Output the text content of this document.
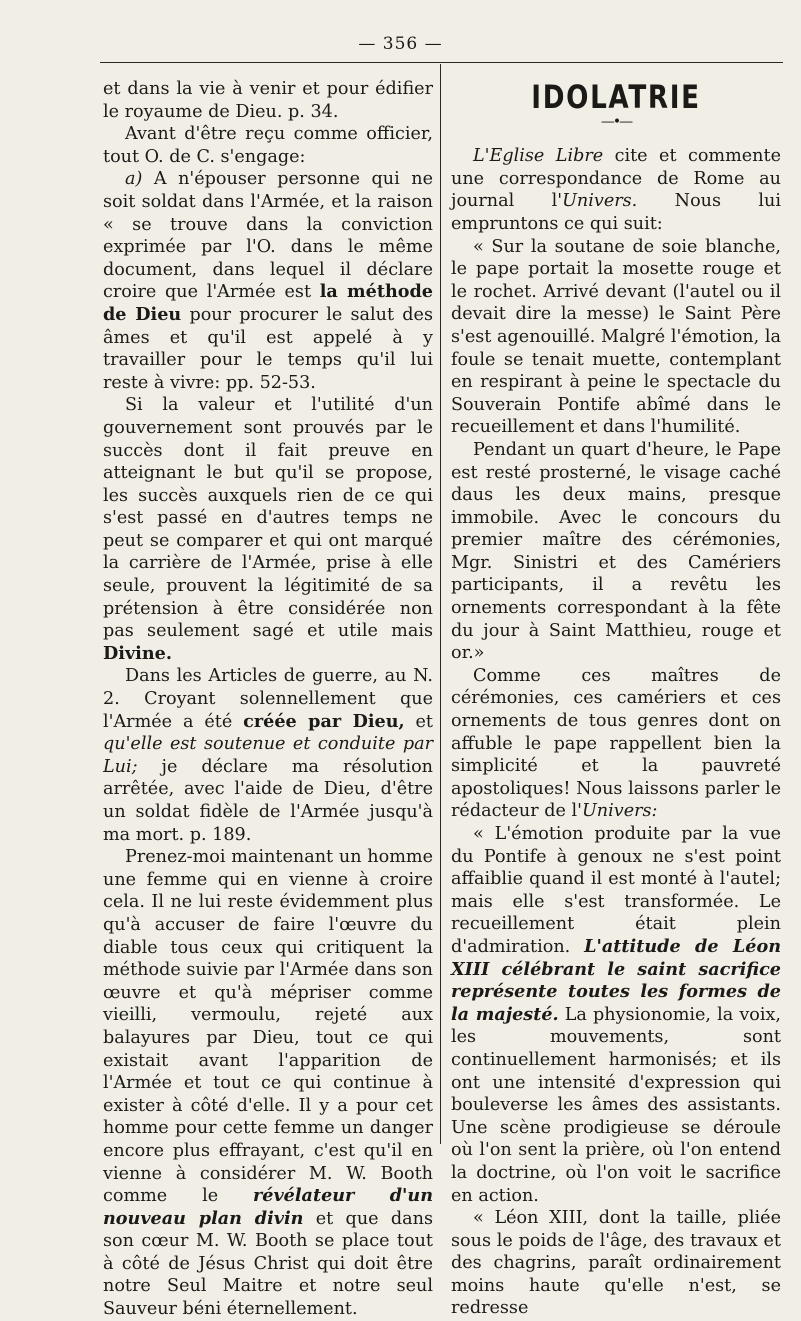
— 356 —

et dans la vie à venir et pour édifier le royaume de Dieu. p. 34.

Avant d'être reçu comme officier, tout O. de C. s'engage:

a) A n'épouser personne qui ne soit soldat dans l'Armée, et la raison « se trouve dans la conviction exprimée par l'O. dans le même document, dans lequel il déclare croire que l'Armée est la méthode de Dieu pour procurer le salut des âmes et qu'il est appelé à y travailler pour le temps qu'il lui reste à vivre: pp. 52-53.

Si la valeur et l'utilité d'un gouvernement sont prouvés par le succès dont il fait preuve en atteignant le but qu'il se propose, les succès auxquels rien de ce qui s'est passé en d'autres temps ne peut se comparer et qui ont marqué la carrière de l'Armée, prise à elle seule, prouvent la légitimité de sa prétension à être considérée non pas seulement sagé et utile mais Divine.

Dans les Articles de guerre, au N. 2. Croyant solennellement que l'Armée a été créée par Dieu, et qu'elle est soutenue et conduite par Lui; je déclare ma résolution arrêtée, avec l'aide de Dieu, d'être un soldat fidèle de l'Armée jusqu'à ma mort. p. 189.

Prenez-moi maintenant un homme une femme qui en vienne à croire cela. Il ne lui reste évidemment plus qu'à accuser de faire l'œuvre du diable tous ceux qui critiquent la méthode suivie par l'Armée dans son œuvre et qu'à mépriser comme vieilli, vermoulu, rejeté aux balayures par Dieu, tout ce qui existait avant l'apparition de l'Armée et tout ce qui continue à exister à côté d'elle. Il y a pour cet homme pour cette femme un danger encore plus effrayant, c'est qu'il en vienne à considérer M. W. Booth comme le révélateur d'un nouveau plan divin et que dans son cœur M. W. Booth se place tout à côté de Jésus Christ qui doit être notre Seul Maitre et notre seul Sauveur béni éternellement.

IDOLATRIE
—•—

L'Eglise Libre cite et commente une correspondance de Rome au journal l'Univers. Nous lui empruntons ce qui suit:

« Sur la soutane de soie blanche, le pape portait la mosette rouge et le rochet. Arrivé devant (l'autel ou il devait dire la messe) le Saint Père s'est agenouillé. Malgré l'émotion, la foule se tenait muette, contemplant en respirant à peine le spectacle du Souverain Pontife abîmé dans le recueillement et dans l'humilité.

Pendant un quart d'heure, le Pape est resté prosterné, le visage caché daus les deux mains, presque immobile. Avec le concours du premier maître des cérémonies, Mgr. Sinistri et des Camériers participants, il a revêtu les ornements correspondant à la fête du jour à Saint Matthieu, rouge et or.»

Comme ces maîtres de cérémonies, ces camériers et ces ornements de tous genres dont on affuble le pape rappellent bien la simplicité et la pauvreté apostoliques! Nous laissons parler le rédacteur de l'Univers:

« L'émotion produite par la vue du Pontife à genoux ne s'est point affaiblie quand il est monté à l'autel; mais elle s'est transformée. Le recueillement était plein d'admiration. L'attitude de Léon XIII célébrant le saint sacrifice représente toutes les formes de la majesté. La physionomie, la voix, les mouvements, sont continuellement harmonisés; et ils ont une intensité d'expression qui bouleverse les âmes des assistants. Une scène prodigieuse se déroule où l'on sent la prière, où l'on entend la doctrine, où l'on voit le sacrifice en action.

« Léon XIII, dont la taille, pliée sous le poids de l'âge, des travaux et des chagrins, paraît ordinairement moins haute qu'elle n'est, se redresse
